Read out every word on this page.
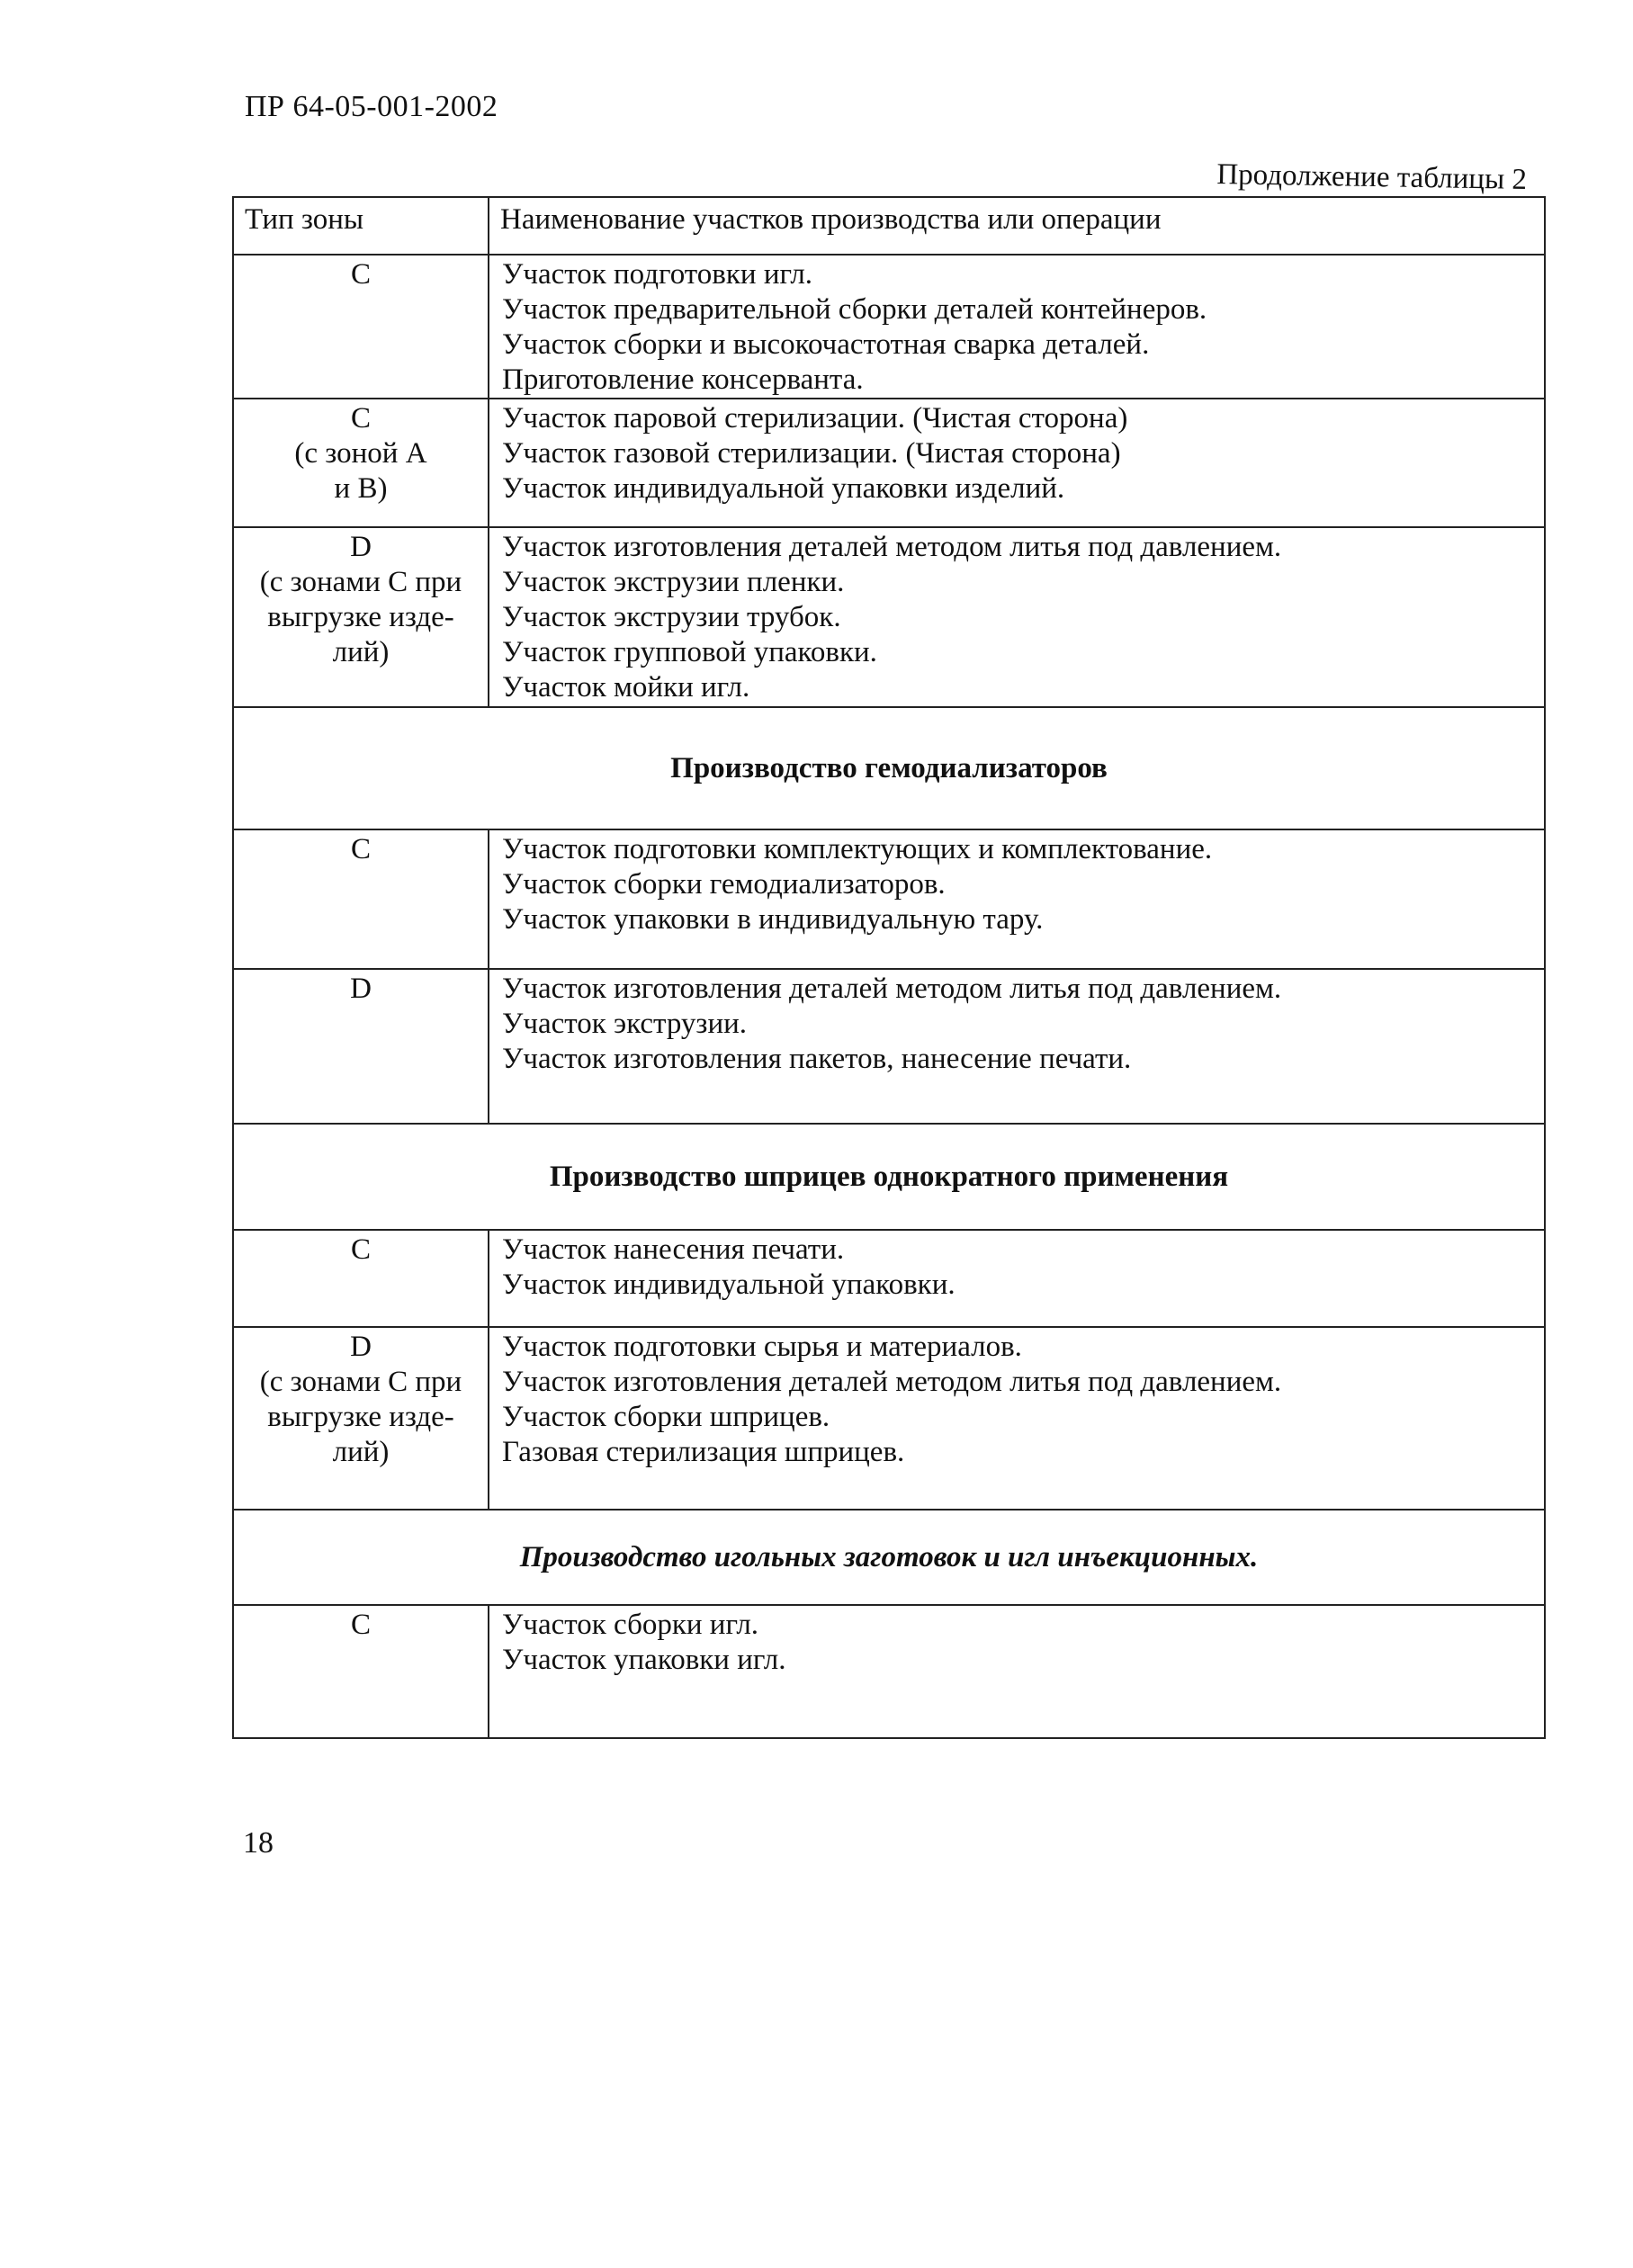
ПР 64-05-001-2002
Продолжение таблицы 2
Тип зоны	Наименование участков производства или операции

C	Участок подготовки игл.
Участок предварительной сборки деталей контейнеров.
Участок сборки и высокочастотная сварка деталей.
Приготовление консерванта.

C
(с зоной А
и В)	Участок паровой стерилизации. (Чистая сторона)
Участок газовой стерилизации. (Чистая сторона)
Участок индивидуальной упаковки изделий.

D
(с зонами С при
выгрузке изде-
лий)	Участок изготовления деталей методом литья под давлением.
Участок экструзии пленки.
Участок экструзии трубок.
Участок групповой упаковки.
Участок мойки игл.

Производство гемодиализаторов	

C	Участок подготовки комплектующих и комплектование.
Участок сборки гемодиализаторов.
Участок упаковки в индивидуальную тару.

D	Участок изготовления деталей методом литья под давлением.
Участок экструзии.
Участок изготовления пакетов, нанесение печати.

Производство шприцев однократного применения	

C	Участок нанесения печати.
Участок индивидуальной упаковки.

D
(с зонами С при
выгрузке изде-
лий)	Участок подготовки сырья и материалов.
Участок изготовления деталей методом литья под давлением.
Участок сборки шприцев.
Газовая стерилизация шприцев.

Производство игольных заготовок и игл инъекционных.	

C	Участок сборки игл.
Участок упаковки игл.
18
